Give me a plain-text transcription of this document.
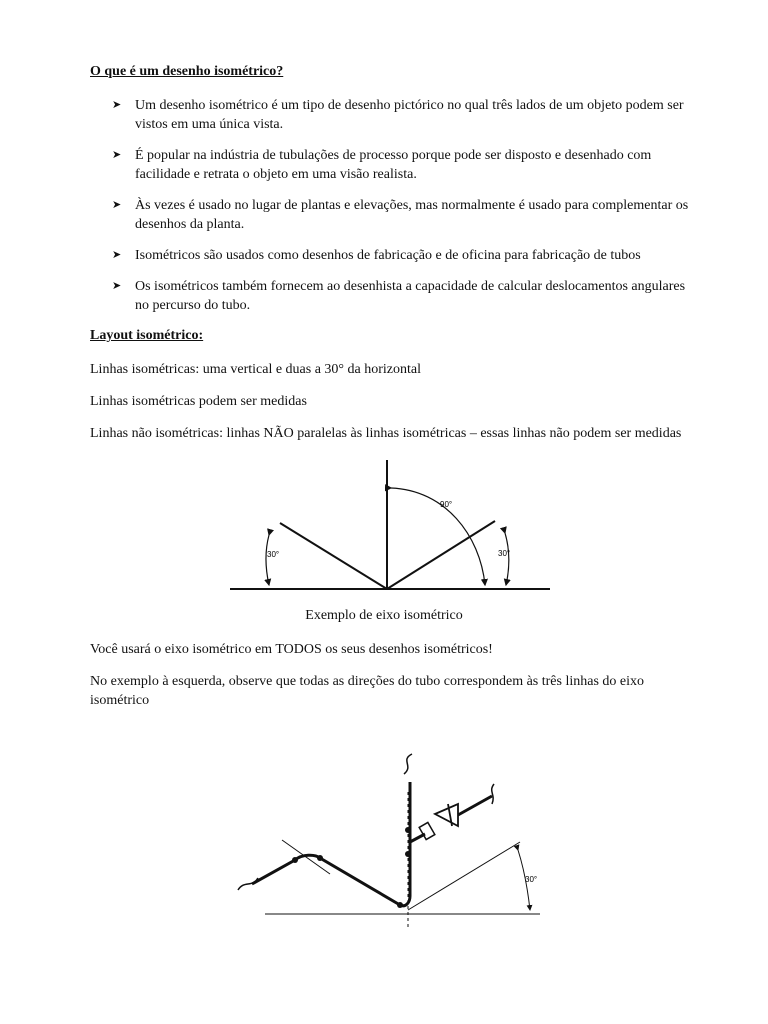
O que é um desenho isométrico?
➤ Um desenho isométrico é um tipo de desenho pictórico no qual três lados de um objeto podem ser vistos em uma única vista.
➤ É popular na indústria de tubulações de processo porque pode ser disposto e desenhado com facilidade e retrata o objeto em uma visão realista.
➤ Às vezes é usado no lugar de plantas e elevações, mas normalmente é usado para complementar os desenhos da planta.
➤ Isométricos são usados como desenhos de fabricação e de oficina para fabricação de tubos
➤ Os isométricos também fornecem ao desenhista a capacidade de calcular deslocamentos angulares no percurso do tubo.
Layout isométrico:

Linhas isométricas: uma vertical e duas a 30° da horizontal

Linhas isométricas podem ser medidas

Linhas não isométricas: linhas NÃO paralelas às linhas isométricas – essas linhas não podem ser medidas

90°
30°	30°

Exemplo de eixo isométrico

Você usará o eixo isométrico em TODOS os seus desenhos isométricos!

No exemplo à esquerda, observe que todas as direções do tubo correspondem às três linhas do eixo isométrico

30°
